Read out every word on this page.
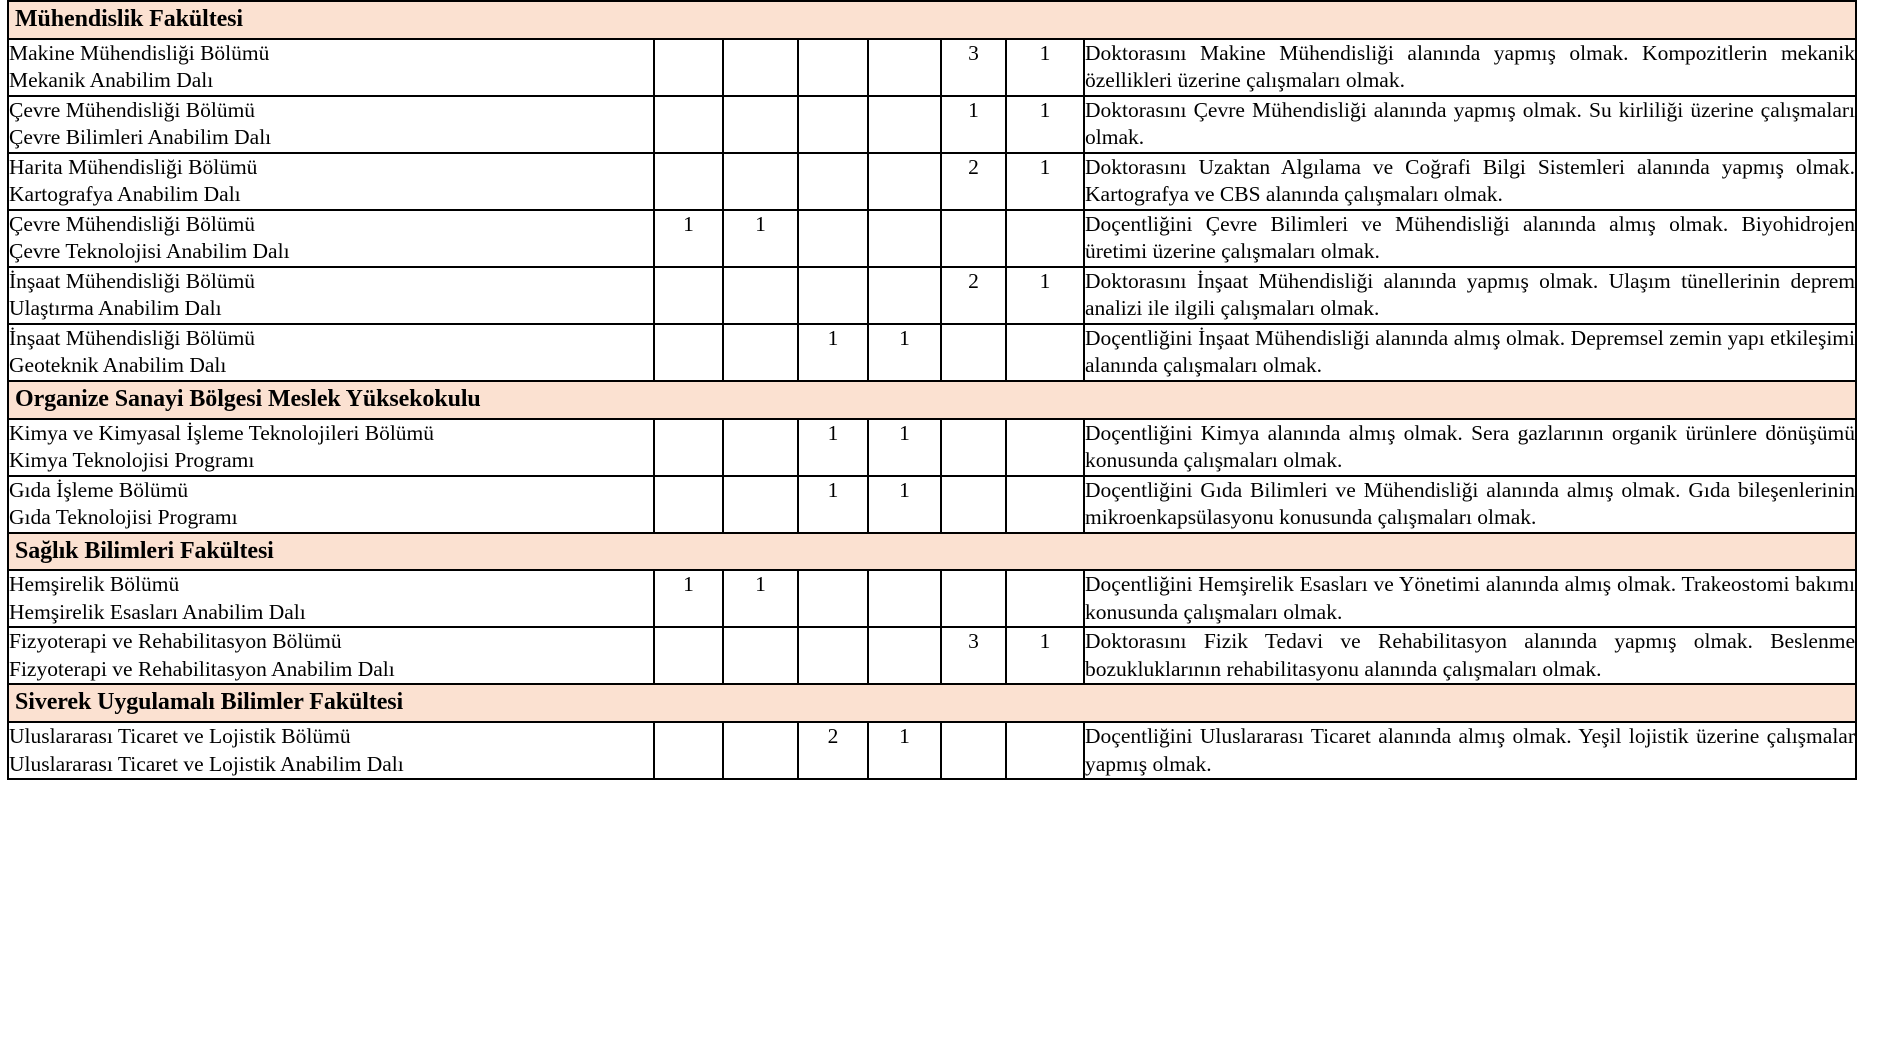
Mühendislik Fakültesi							

Makine Mühendisliği Bölümü
Mekanik Anabilim Dalı					3	1	Doktorasını Makine Mühendisliği alanında yapmış olmak. Kompozitlerin mekanik özellikleri üzerine çalışmaları olmak.

Çevre Mühendisliği Bölümü
Çevre Bilimleri Anabilim Dalı					1	1	Doktorasını Çevre Mühendisliği alanında yapmış olmak. Su kirliliği üzerine çalışmaları olmak.

Harita Mühendisliği Bölümü
Kartografya Anabilim Dalı					2	1	Doktorasını Uzaktan Algılama ve Coğrafi Bilgi Sistemleri alanında yapmış olmak. Kartografya ve CBS alanında çalışmaları olmak.

Çevre Mühendisliği Bölümü
Çevre Teknolojisi Anabilim Dalı	1	1					Doçentliğini Çevre Bilimleri ve Mühendisliği alanında almış olmak. Biyohidrojen üretimi üzerine çalışmaları olmak.

İnşaat Mühendisliği Bölümü
Ulaştırma Anabilim Dalı					2	1	Doktorasını İnşaat Mühendisliği alanında yapmış olmak. Ulaşım tünellerinin deprem analizi ile ilgili çalışmaları olmak.

İnşaat Mühendisliği Bölümü
Geoteknik Anabilim Dalı			1	1			Doçentliğini İnşaat Mühendisliği alanında almış olmak. Depremsel zemin yapı etkileşimi alanında çalışmaları olmak.
Organize Sanayi Bölgesi Meslek Yüksekokulu							

Kimya ve Kimyasal İşleme Teknolojileri Bölümü
Kimya Teknolojisi Programı			1	1			Doçentliğini Kimya alanında almış olmak. Sera gazlarının organik ürünlere dönüşümü konusunda çalışmaları olmak.

Gıda İşleme Bölümü
Gıda Teknolojisi Programı			1	1			Doçentliğini Gıda Bilimleri ve Mühendisliği alanında almış olmak. Gıda bileşenlerinin mikroenkapsülasyonu konusunda çalışmaları olmak.
Sağlık Bilimleri Fakültesi							

Hemşirelik Bölümü
Hemşirelik Esasları Anabilim Dalı	1	1					Doçentliğini Hemşirelik Esasları ve Yönetimi alanında almış olmak. Trakeostomi bakımı konusunda çalışmaları olmak.

Fizyoterapi ve Rehabilitasyon Bölümü
Fizyoterapi ve Rehabilitasyon Anabilim Dalı					3	1	Doktorasını Fizik Tedavi ve Rehabilitasyon alanında yapmış olmak. Beslenme bozukluklarının rehabilitasyonu alanında çalışmaları olmak.
Siverek Uygulamalı Bilimler Fakültesi							

Uluslararası Ticaret ve Lojistik Bölümü
Uluslararası Ticaret ve Lojistik Anabilim Dalı			2	1			Doçentliğini Uluslararası Ticaret alanında almış olmak. Yeşil lojistik üzerine çalışmalar yapmış olmak.
